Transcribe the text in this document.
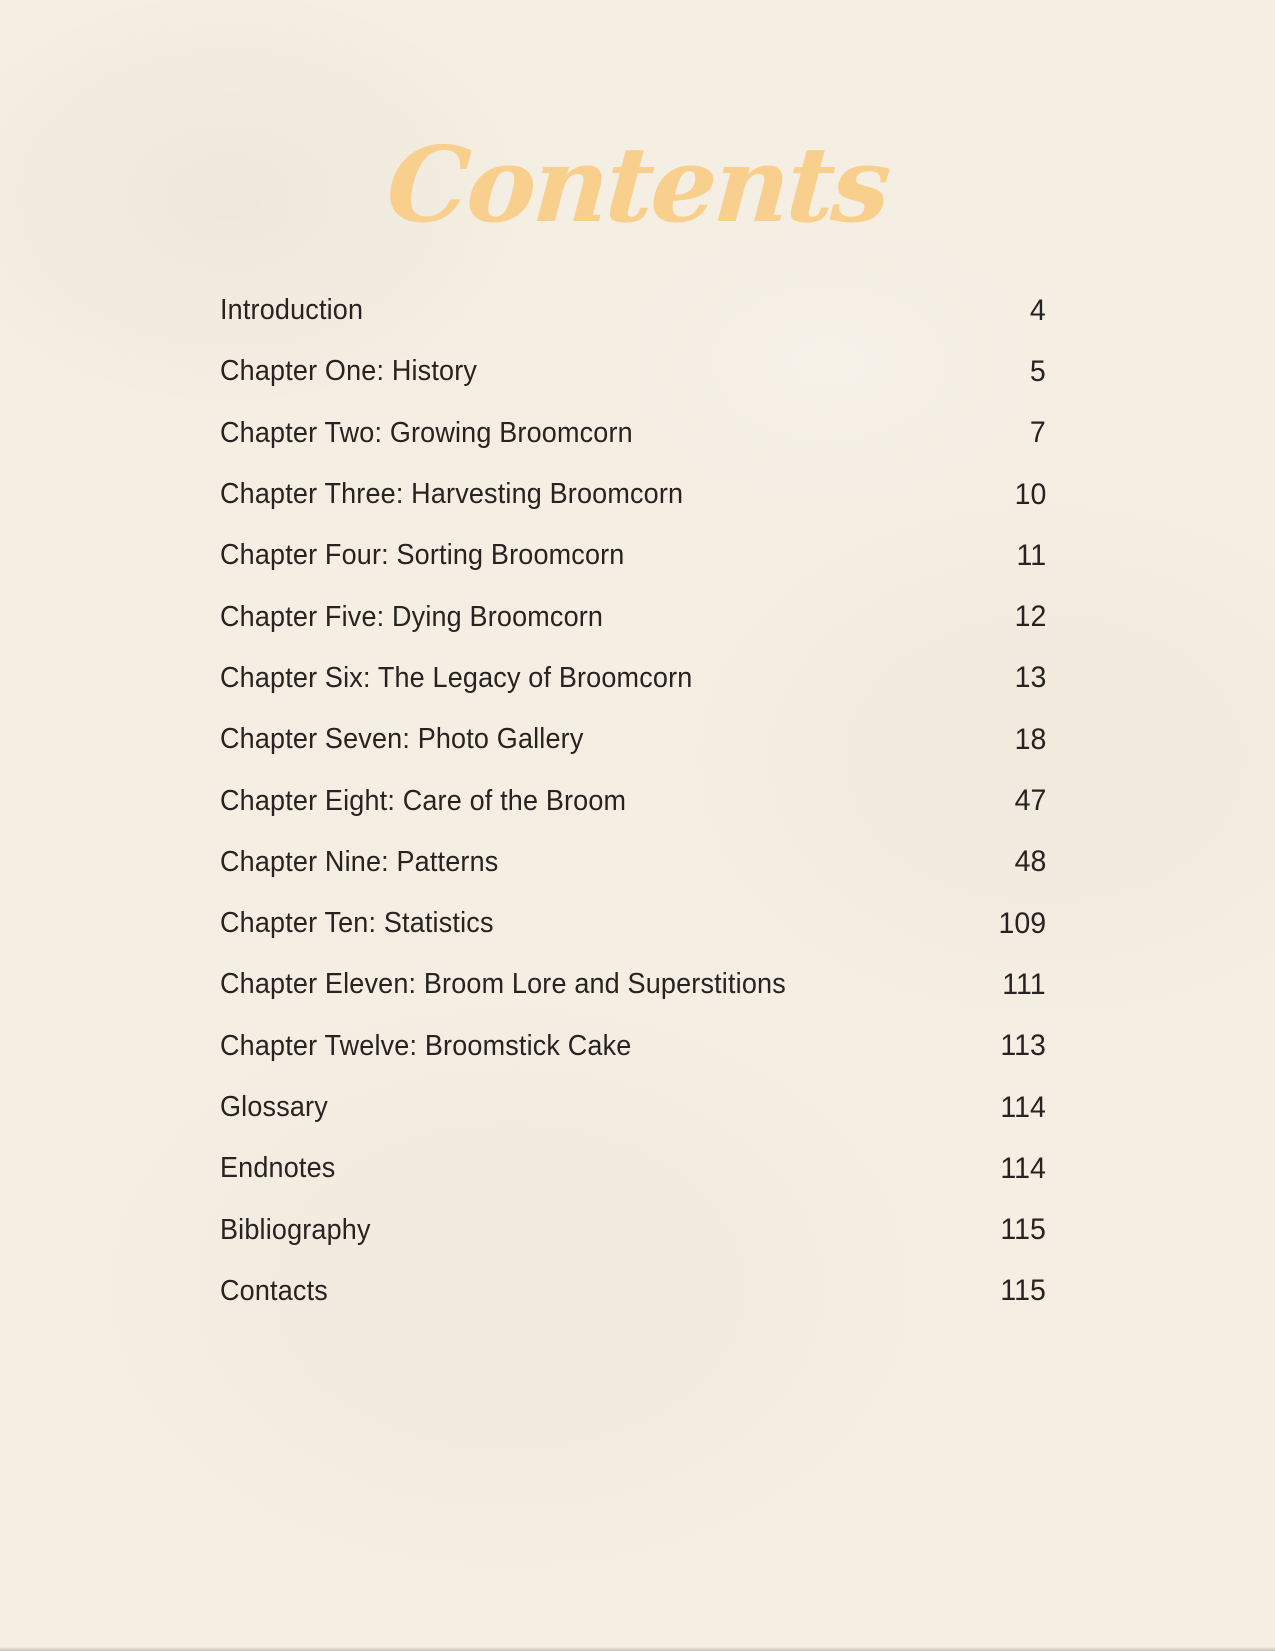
Contents
Introduction	4
Chapter One: History	5
Chapter Two: Growing Broomcorn	7
Chapter Three: Harvesting Broomcorn	10
Chapter Four: Sorting Broomcorn	11
Chapter Five: Dying Broomcorn	12
Chapter Six: The Legacy of Broomcorn	13
Chapter Seven: Photo Gallery	18
Chapter Eight: Care of the Broom	47
Chapter Nine: Patterns	48
Chapter Ten: Statistics	109
Chapter Eleven: Broom Lore and Superstitions	111
Chapter Twelve: Broomstick Cake	113
Glossary	114
Endnotes	114
Bibliography	115
Contacts	115
